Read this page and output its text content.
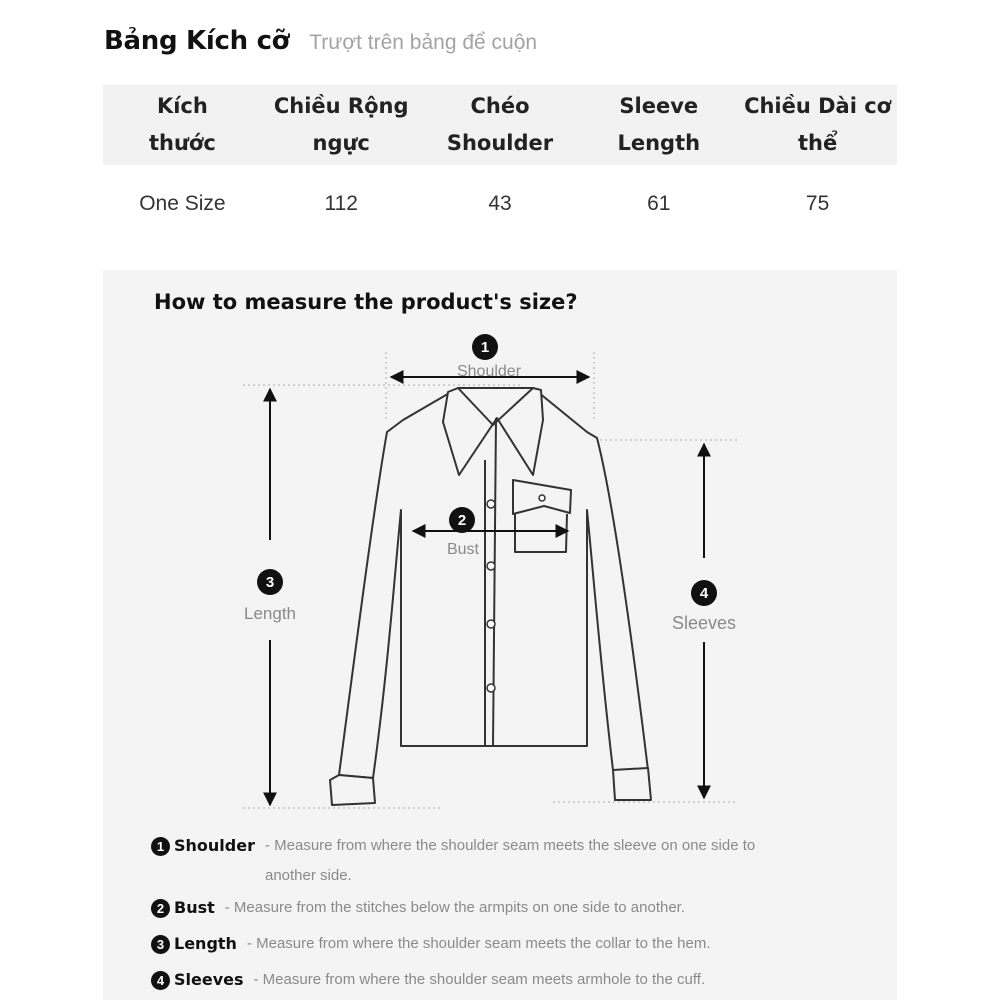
Bảng Kích cỡ Trượt trên bảng để cuộn
Kích thước	Chiều Rộng ngực	Chéo Shoulder	Sleeve Length	Chiều Dài cơ thể
One Size	112	43	61	75
How to measure the product's size?
1
Shoulder
2
Bust
3
Length
4
Sleeves
1 Shoulder - Measure from where the shoulder seam meets the sleeve on one side to another side.
2 Bust - Measure from the stitches below the armpits on one side to another.
3 Length - Measure from where the shoulder seam meets the collar to the hem.
4 Sleeves - Measure from where the shoulder seam meets armhole to the cuff.
